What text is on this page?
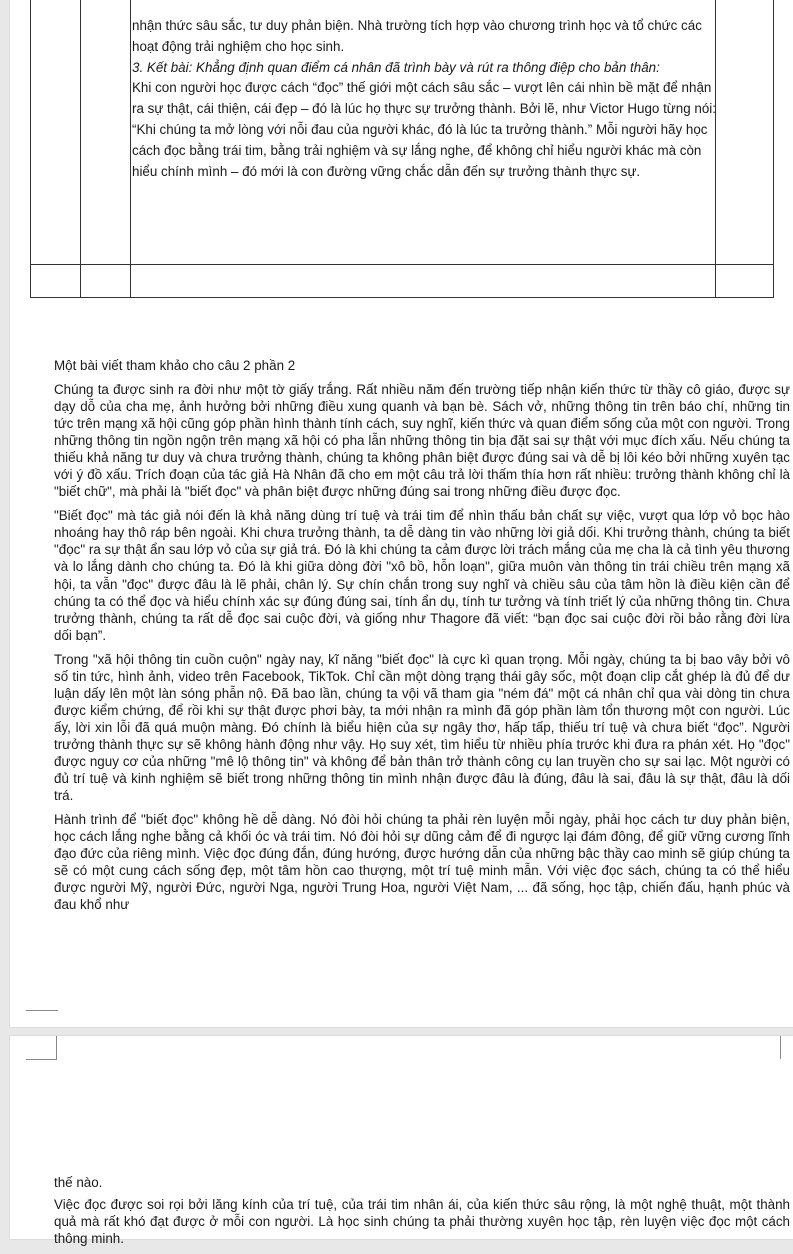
nhận thức sâu sắc, tư duy phản biện. Nhà trường tích hợp vào chương trình học và tổ chức các hoạt động trải nghiệm cho học sinh.

3. Kết bài: Khẳng định quan điểm cá nhân đã trình bày và rút ra thông điệp cho bản thân:

Khi con người học được cách “đọc” thế giới một cách sâu sắc – vượt lên cái nhìn bề mặt để nhận ra sự thật, cái thiện, cái đẹp – đó là lúc họ thực sự trưởng thành. Bởi lẽ, như Victor Hugo từng nói: “Khi chúng ta mở lòng với nỗi đau của người khác, đó là lúc ta trưởng thành.” Mỗi người hãy học cách đọc bằng trái tim, bằng trải nghiệm và sự lắng nghe, để không chỉ hiểu người khác mà còn hiểu chính mình – đó mới là con đường vững chắc dẫn đến sự trưởng thành thực sự.

Một bài viết tham khảo cho câu 2 phần 2

Chúng ta được sinh ra đời như một tờ giấy trắng. Rất nhiều năm đến trường tiếp nhận kiến thức từ thầy cô giáo, được sự dạy dỗ của cha mẹ, ảnh hưởng bởi những điều xung quanh và bạn bè. Sách vở, những thông tin trên báo chí, những tin tức trên mạng xã hội cũng góp phần hình thành tính cách, suy nghĩ, kiến thức và quan điểm sống của một con người. Trong những thông tin ngồn ngộn trên mạng xã hội có pha lẫn những thông tin bịa đặt sai sự thật với mục đích xấu. Nếu chúng ta thiếu khả năng tư duy và chưa trưởng thành, chúng ta không phân biệt được đúng sai và dễ bị lôi kéo bởi những xuyên tạc với ý đồ xấu. Trích đoạn của tác giả Hà Nhân đã cho em một câu trả lời thấm thía hơn rất nhiều: trưởng thành không chỉ là "biết chữ", mà phải là "biết đọc" và phân biệt được những đúng sai trong những điều được đọc.

"Biết đọc" mà tác giả nói đến là khả năng dùng trí tuệ và trái tim để nhìn thấu bản chất sự việc, vượt qua lớp vỏ bọc hào nhoáng hay thô ráp bên ngoài. Khi chưa trưởng thành, ta dễ dàng tin vào những lời giả dối. Khi trưởng thành, chúng ta biết "đọc" ra sự thật ẩn sau lớp vỏ của sự giả trá. Đó là khi chúng ta cảm được lời trách mắng của mẹ cha là cả tình yêu thương và lo lắng dành cho chúng ta. Đó là khi giữa dòng đời "xô bồ, hỗn loạn", giữa muôn vàn thông tin trái chiều trên mạng xã hội, ta vẫn "đọc" được đâu là lẽ phải, chân lý. Sự chín chắn trong suy nghĩ và chiều sâu của tâm hồn là điều kiện cần để chúng ta có thể đọc và hiểu chính xác sự đúng đúng sai, tính ẩn dụ, tính tư tưởng và tính triết lý của những thông tin. Chưa trưởng thành, chúng ta rất dễ đọc sai cuộc đời, và giống như Thagore đã viết: “bạn đọc sai cuộc đời rồi bảo rằng đời lừa dối bạn”.

Trong "xã hội thông tin cuồn cuộn" ngày nay, kĩ năng "biết đọc" là cực kì quan trọng. Mỗi ngày, chúng ta bị bao vây bởi vô số tin tức, hình ảnh, video trên Facebook, TikTok. Chỉ cần một dòng trạng thái gây sốc, một đoạn clip cắt ghép là đủ để dư luận dấy lên một làn sóng phẫn nộ. Đã bao lần, chúng ta vội vã tham gia "ném đá" một cá nhân chỉ qua vài dòng tin chưa được kiểm chứng, để rồi khi sự thật được phơi bày, ta mới nhận ra mình đã góp phần làm tổn thương một con người. Lúc ấy, lời xin lỗi đã quá muộn màng. Đó chính là biểu hiện của sự ngây thơ, hấp tấp, thiếu trí tuệ và chưa biết “đọc”. Người trưởng thành thực sự sẽ không hành động như vậy. Họ suy xét, tìm hiểu từ nhiều phía trước khi đưa ra phán xét. Họ "đọc" được nguy cơ của những "mê lộ thông tin" và không để bản thân trở thành công cụ lan truyền cho sự sai lạc. Một người có đủ trí tuệ và kinh nghiệm sẽ biết trong những thông tin mình nhận được đâu là đúng, đâu là sai, đâu là sự thật, đâu là dối trá.

Hành trình để "biết đọc" không hề dễ dàng. Nó đòi hỏi chúng ta phải rèn luyện mỗi ngày, phải học cách tư duy phản biện, học cách lắng nghe bằng cả khối óc và trái tim. Nó đòi hỏi sự dũng cảm để đi ngược lại đám đông, để giữ vững cương lĩnh đạo đức của riêng mình. Việc đọc đúng đắn, đúng hướng, được hướng dẫn của những bậc thầy cao minh sẽ giúp chúng ta sẽ có một cung cách sống đẹp, một tâm hồn cao thượng, một trí tuệ minh mẫn. Với việc đọc sách, chúng ta có thể hiểu được người Mỹ, người Đức, người Nga, người Trung Hoa, người Việt Nam, ... đã sống, học tập, chiến đấu, hạnh phúc và đau khổ như

thế nào.

Việc đọc được soi rọi bởi lăng kính của trí tuệ, của trái tim nhân ái, của kiến thức sâu rộng, là một nghệ thuật, một thành quả mà rất khó đạt được ở mỗi con người. Là học sinh chúng ta phải thường xuyên học tập, rèn luyện việc đọc một cách thông minh.
